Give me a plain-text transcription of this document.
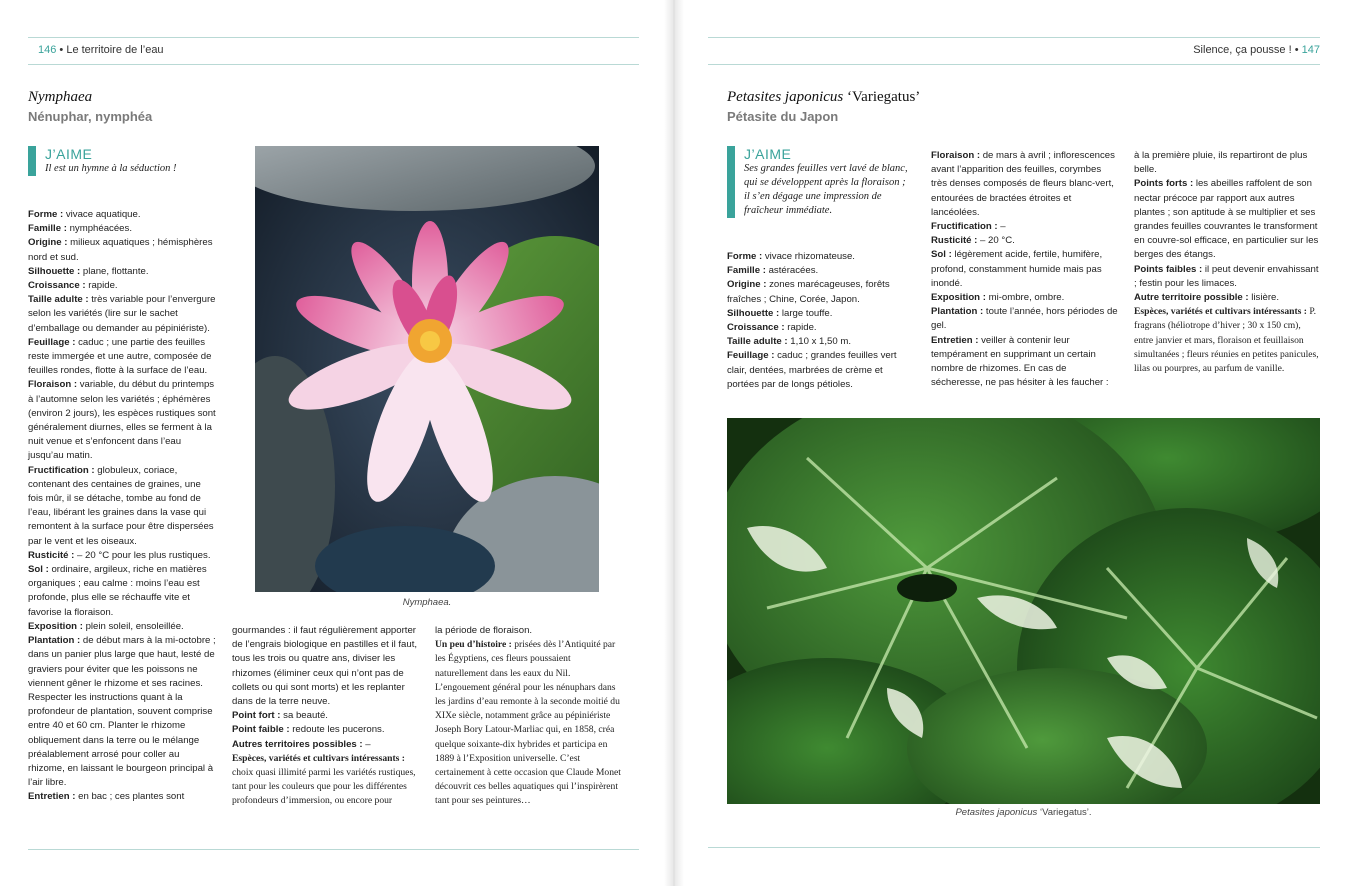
146 • Le territoire de l’eau
Nymphaea
Nénuphar, nymphéa
J’AIME
Il est un hymne à la séduction !

Forme : vivace aquatique.

Famille : nymphéacées.

Origine : milieux aquatiques ; hémisphères nord et sud.

Silhouette : plane, flottante.

Croissance : rapide.

Taille adulte : très variable pour l’envergure selon les variétés (lire sur le sachet d’emballage ou demander au pépiniériste).

Feuillage : caduc ; une partie des feuilles reste immergée et une autre, composée de feuilles rondes, flotte à la surface de l’eau.

Floraison : variable, du début du printemps à l’automne selon les variétés ; éphémères (environ 2 jours), les espèces rustiques sont généralement diurnes, elles se ferment à la nuit venue et s’enfoncent dans l’eau jusqu’au matin.

Fructification : globuleux, coriace, contenant des centaines de graines, une fois mûr, il se détache, tombe au fond de l’eau, libérant les graines dans la vase qui remontent à la surface pour être dispersées par le vent et les oiseaux.

Rusticité : – 20 °C pour les plus rustiques.

Sol : ordinaire, argileux, riche en matières organiques ; eau calme : moins l’eau est profonde, plus elle se réchauffe vite et favorise la floraison.

Exposition : plein soleil, ensoleillée.

Plantation : de début mars à la mi-octobre ; dans un panier plus large que haut, lesté de graviers pour éviter que les poissons ne viennent gêner le rhizome et ses racines. Respecter les instructions quant à la profondeur de plantation, souvent comprise entre 40 et 60 cm. Planter le rhizome obliquement dans la terre ou le mélange préalablement arrosé pour coller au rhizome, en laissant le bourgeon principal à l’air libre.

Entretien : en bac ; ces plantes sont

Nymphaea.

gourmandes : il faut régulièrement apporter de l’engrais biologique en pastilles et il faut, tous les trois ou quatre ans, diviser les rhizomes (éliminer ceux qui n’ont pas de collets ou qui sont morts) et les replanter dans de la terre neuve.

Point fort : sa beauté.

Point faible : redoute les pucerons.

Autres territoires possibles : –

Espèces, variétés et cultivars intéressants : choix quasi illimité parmi les variétés rustiques, tant pour les couleurs que pour les différentes profondeurs d’immersion, ou encore pour

la période de floraison.

Un peu d’histoire : prisées dès l’Antiquité par les Égyptiens, ces fleurs poussaient naturellement dans les eaux du Nil. L’engouement général pour les nénuphars dans les jardins d’eau remonte à la seconde moitié du XIXe siècle, notamment grâce au pépiniériste Joseph Bory Latour-Marliac qui, en 1858, créa quelque soixante-dix hybrides et participa en 1889 à l’Exposition universelle. C’est certainement à cette occasion que Claude Monet découvrit ces belles aquatiques qui l’inspirèrent tant pour ses peintures…

Silence, ça pousse ! • 147
Petasites japonicus ‘Variegatus’
Pétasite du Japon
J’AIME
Ses grandes feuilles vert lavé de blanc, qui se développent après la floraison ; il s’en dégage une impression de fraîcheur immédiate.

Forme : vivace rhizomateuse.

Famille : astéracées.

Origine : zones marécageuses, forêts fraîches ; Chine, Corée, Japon.

Silhouette : large touffe.

Croissance : rapide.

Taille adulte : 1,10 x 1,50 m.

Feuillage : caduc ; grandes feuilles vert clair, dentées, marbrées de crème et portées par de longs pétioles.

Floraison : de mars à avril ; inflorescences avant l’apparition des feuilles, corymbes très denses composés de fleurs blanc-vert, entourées de bractées étroites et lancéolées.

Fructification : –

Rusticité : – 20 °C.

Sol : légèrement acide, fertile, humifère, profond, constamment humide mais pas inondé.

Exposition : mi-ombre, ombre.

Plantation : toute l’année, hors périodes de gel.

Entretien : veiller à contenir leur tempérament en supprimant un certain nombre de rhizomes. En cas de sécheresse, ne pas hésiter à les faucher :

à la première pluie, ils repartiront de plus belle.

Points forts : les abeilles raffolent de son nectar précoce par rapport aux autres plantes ; son aptitude à se multiplier et ses grandes feuilles couvrantes le transforment en couvre-sol efficace, en particulier sur les berges des étangs.

Points faibles : il peut devenir envahissant ; festin pour les limaces.

Autre territoire possible : lisière.

Espèces, variétés et cultivars intéressants : P. fragrans (héliotrope d’hiver ; 30 x 150 cm), entre janvier et mars, floraison et feuillaison simultanées ; fleurs réunies en petites panicules, lilas ou pourpres, au parfum de vanille.

Petasites japonicus ‘Variegatus’.
